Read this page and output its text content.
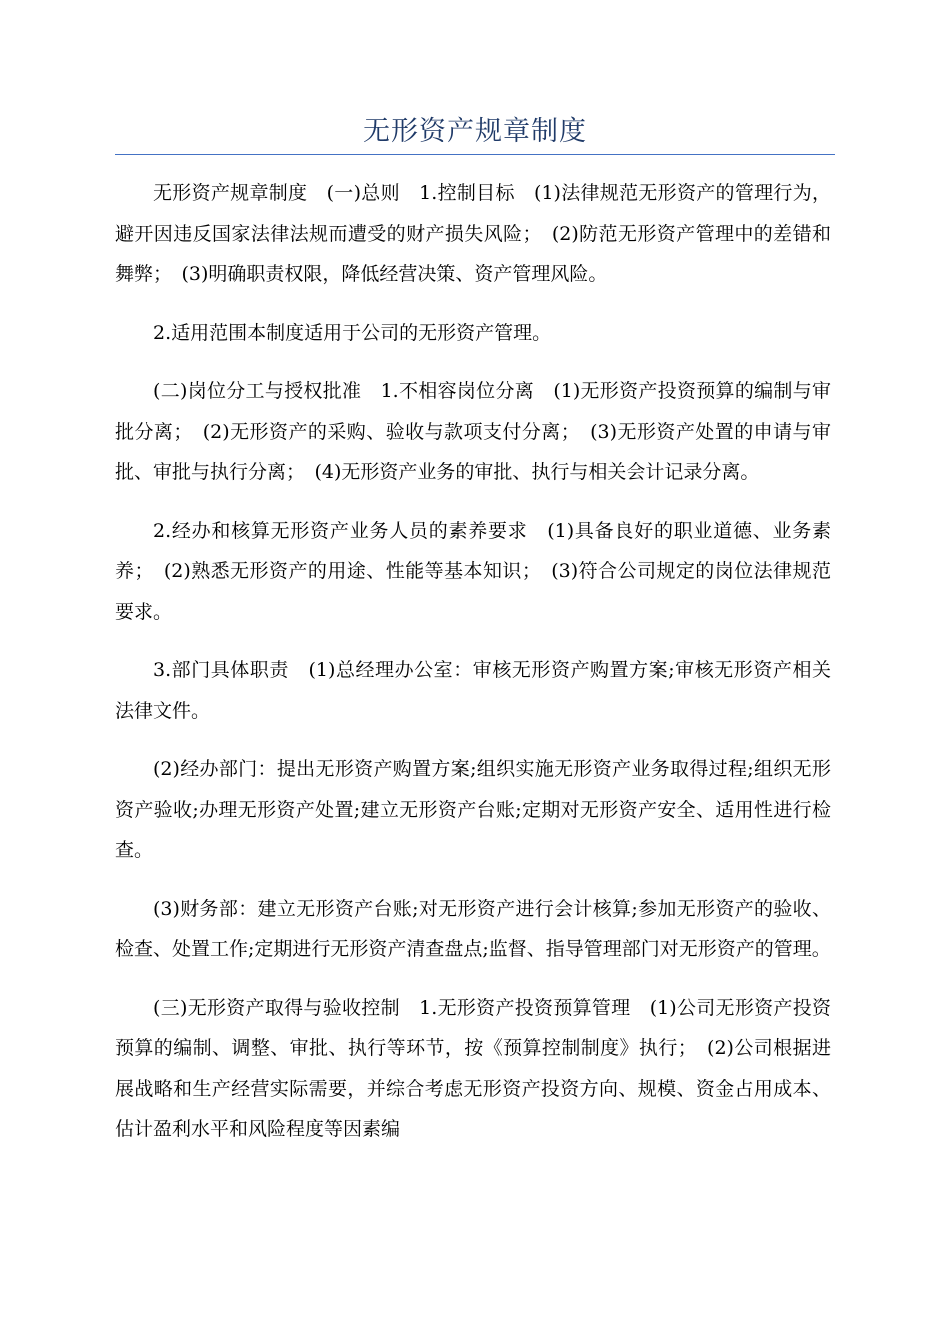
无形资产规章制度

无形资产规章制度　(一)总则　1.控制目标　(1)法律规范无形资产的管理行为，避开因违反国家法律法规而遭受的财产损失风险；　(2)防范无形资产管理中的差错和舞弊；　(3)明确职责权限，降低经营决策、资产管理风险。

2.适用范围本制度适用于公司的无形资产管理。

(二)岗位分工与授权批准　1.不相容岗位分离　(1)无形资产投资预算的编制与审批分离；　(2)无形资产的采购、验收与款项支付分离；　(3)无形资产处置的申请与审批、审批与执行分离；　(4)无形资产业务的审批、执行与相关会计记录分离。

2.经办和核算无形资产业务人员的素养要求　(1)具备良好的职业道德、业务素养；　(2)熟悉无形资产的用途、性能等基本知识；　(3)符合公司规定的岗位法律规范要求。

3.部门具体职责　(1)总经理办公室：审核无形资产购置方案;审核无形资产相关法律文件。

(2)经办部门：提出无形资产购置方案;组织实施无形资产业务取得过程;组织无形资产验收;办理无形资产处置;建立无形资产台账;定期对无形资产安全、适用性进行检查。

(3)财务部：建立无形资产台账;对无形资产进行会计核算;参加无形资产的验收、检查、处置工作;定期进行无形资产清查盘点;监督、指导管理部门对无形资产的管理。

(三)无形资产取得与验收控制　1.无形资产投资预算管理　(1)公司无形资产投资预算的编制、调整、审批、执行等环节，按《预算控制制度》执行；　(2)公司根据进展战略和生产经营实际需要，并综合考虑无形资产投资方向、规模、资金占用成本、估计盈利水平和风险程度等因素编
